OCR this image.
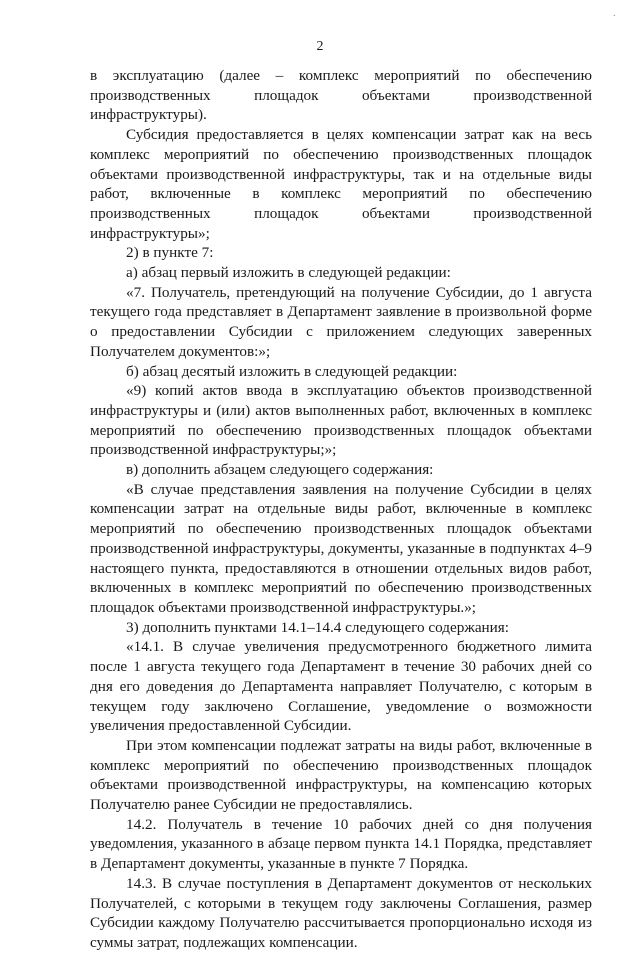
·
2

в эксплуатацию (далее – комплекс мероприятий по обеспечению производственных площадок объектами производственной инфраструктуры).

Субсидия предоставляется в целях компенсации затрат как на весь комплекс мероприятий по обеспечению производственных площадок объектами производственной инфраструктуры, так и на отдельные виды работ, включенные в комплекс мероприятий по обеспечению производственных площадок объектами производственной инфраструктуры»;

2) в пункте 7:

а) абзац первый изложить в следующей редакции:

«7. Получатель, претендующий на получение Субсидии, до 1 августа текущего года представляет в Департамент заявление в произвольной форме о предоставлении Субсидии с приложением следующих заверенных Получателем документов:»;

б) абзац десятый изложить в следующей редакции:

«9) копий актов ввода в эксплуатацию объектов производственной инфраструктуры и (или) актов выполненных работ, включенных в комплекс мероприятий по обеспечению производственных площадок объектами производственной инфраструктуры;»;

в) дополнить абзацем следующего содержания:

«В случае представления заявления на получение Субсидии в целях компенсации затрат на отдельные виды работ, включенные в комплекс мероприятий по обеспечению производственных площадок объектами производственной инфраструктуры, документы, указанные в подпунктах 4–9 настоящего пункта, предоставляются в отношении отдельных видов работ, включенных в комплекс мероприятий по обеспечению производственных площадок объектами производственной инфраструктуры.»;

3) дополнить пунктами 14.1–14.4 следующего содержания:

«14.1. В случае увеличения предусмотренного бюджетного лимита после 1 августа текущего года Департамент в течение 30 рабочих дней со дня его доведения до Департамента направляет Получателю, с которым в текущем году заключено Соглашение, уведомление о возможности увеличения предоставленной Субсидии.

При этом компенсации подлежат затраты на виды работ, включенные в комплекс мероприятий по обеспечению производственных площадок объектами производственной инфраструктуры, на компенсацию которых Получателю ранее Субсидии не предоставлялись.

14.2. Получатель в течение 10 рабочих дней со дня получения уведомления, указанного в абзаце первом пункта 14.1 Порядка, представляет в Департамент документы, указанные в пункте 7 Порядка.

14.3. В случае поступления в Департамент документов от нескольких Получателей, с которыми в текущем году заключены Соглашения, размер Субсидии каждому Получателю рассчитывается пропорционально исходя из суммы затрат, подлежащих компенсации.
